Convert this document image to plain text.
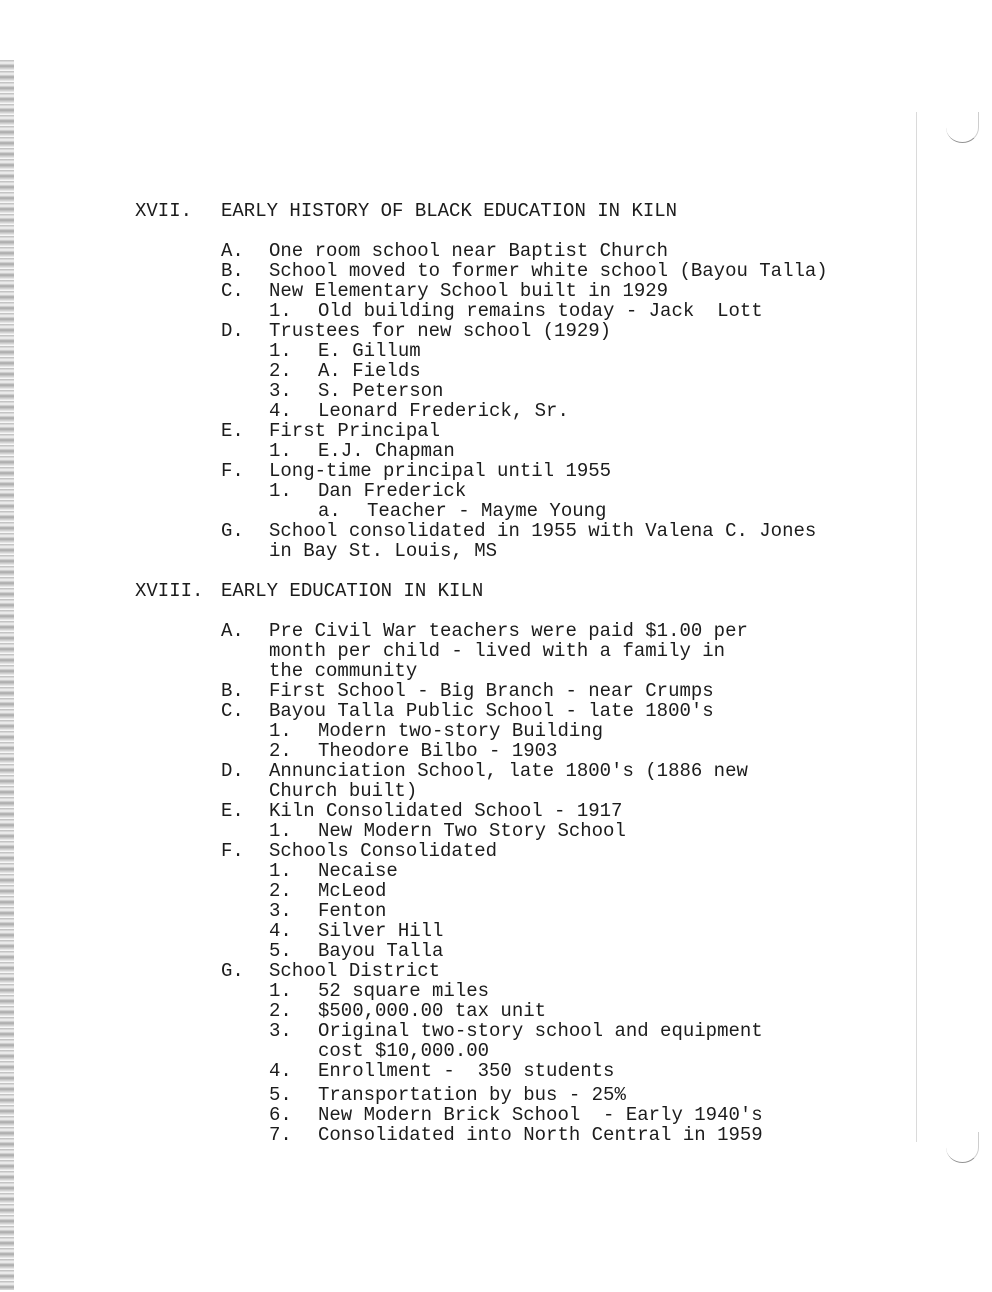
XVII. EARLY HISTORY OF BLACK EDUCATION IN KILN
A. One room school near Baptist Church
B. School moved to former white school (Bayou Talla)
C. New Elementary School built in 1929
1. Old building remains today - Jack  Lott
D. Trustees for new school (1929)
1. E. Gillum
2. A. Fields
3. S. Peterson
4. Leonard Frederick, Sr.
E. First Principal
1. E.J. Chapman
F. Long-time principal until 1955
1. Dan Frederick
a. Teacher - Mayme Young
G. School consolidated in 1955 with Valena C. Jones
in Bay St. Louis, MS
XVIII. EARLY EDUCATION IN KILN
A. Pre Civil War teachers were paid $1.00 per
month per child - lived with a family in
the community
B. First School - Big Branch - near Crumps
C. Bayou Talla Public School - late 1800's
1. Modern two-story Building
2. Theodore Bilbo - 1903
D. Annunciation School, late 1800's (1886 new
Church built)
E. Kiln Consolidated School - 1917
1. New Modern Two Story School
F. Schools Consolidated
1. Necaise
2. McLeod
3. Fenton
4. Silver Hill
5. Bayou Talla
G. School District
1. 52 square miles
2. $500,000.00 tax unit
3. Original two-story school and equipment
cost $10,000.00
4. Enrollment -  350 students
5. Transportation by bus - 25%
6. New Modern Brick School  - Early 1940's
7. Consolidated into North Central in 1959
